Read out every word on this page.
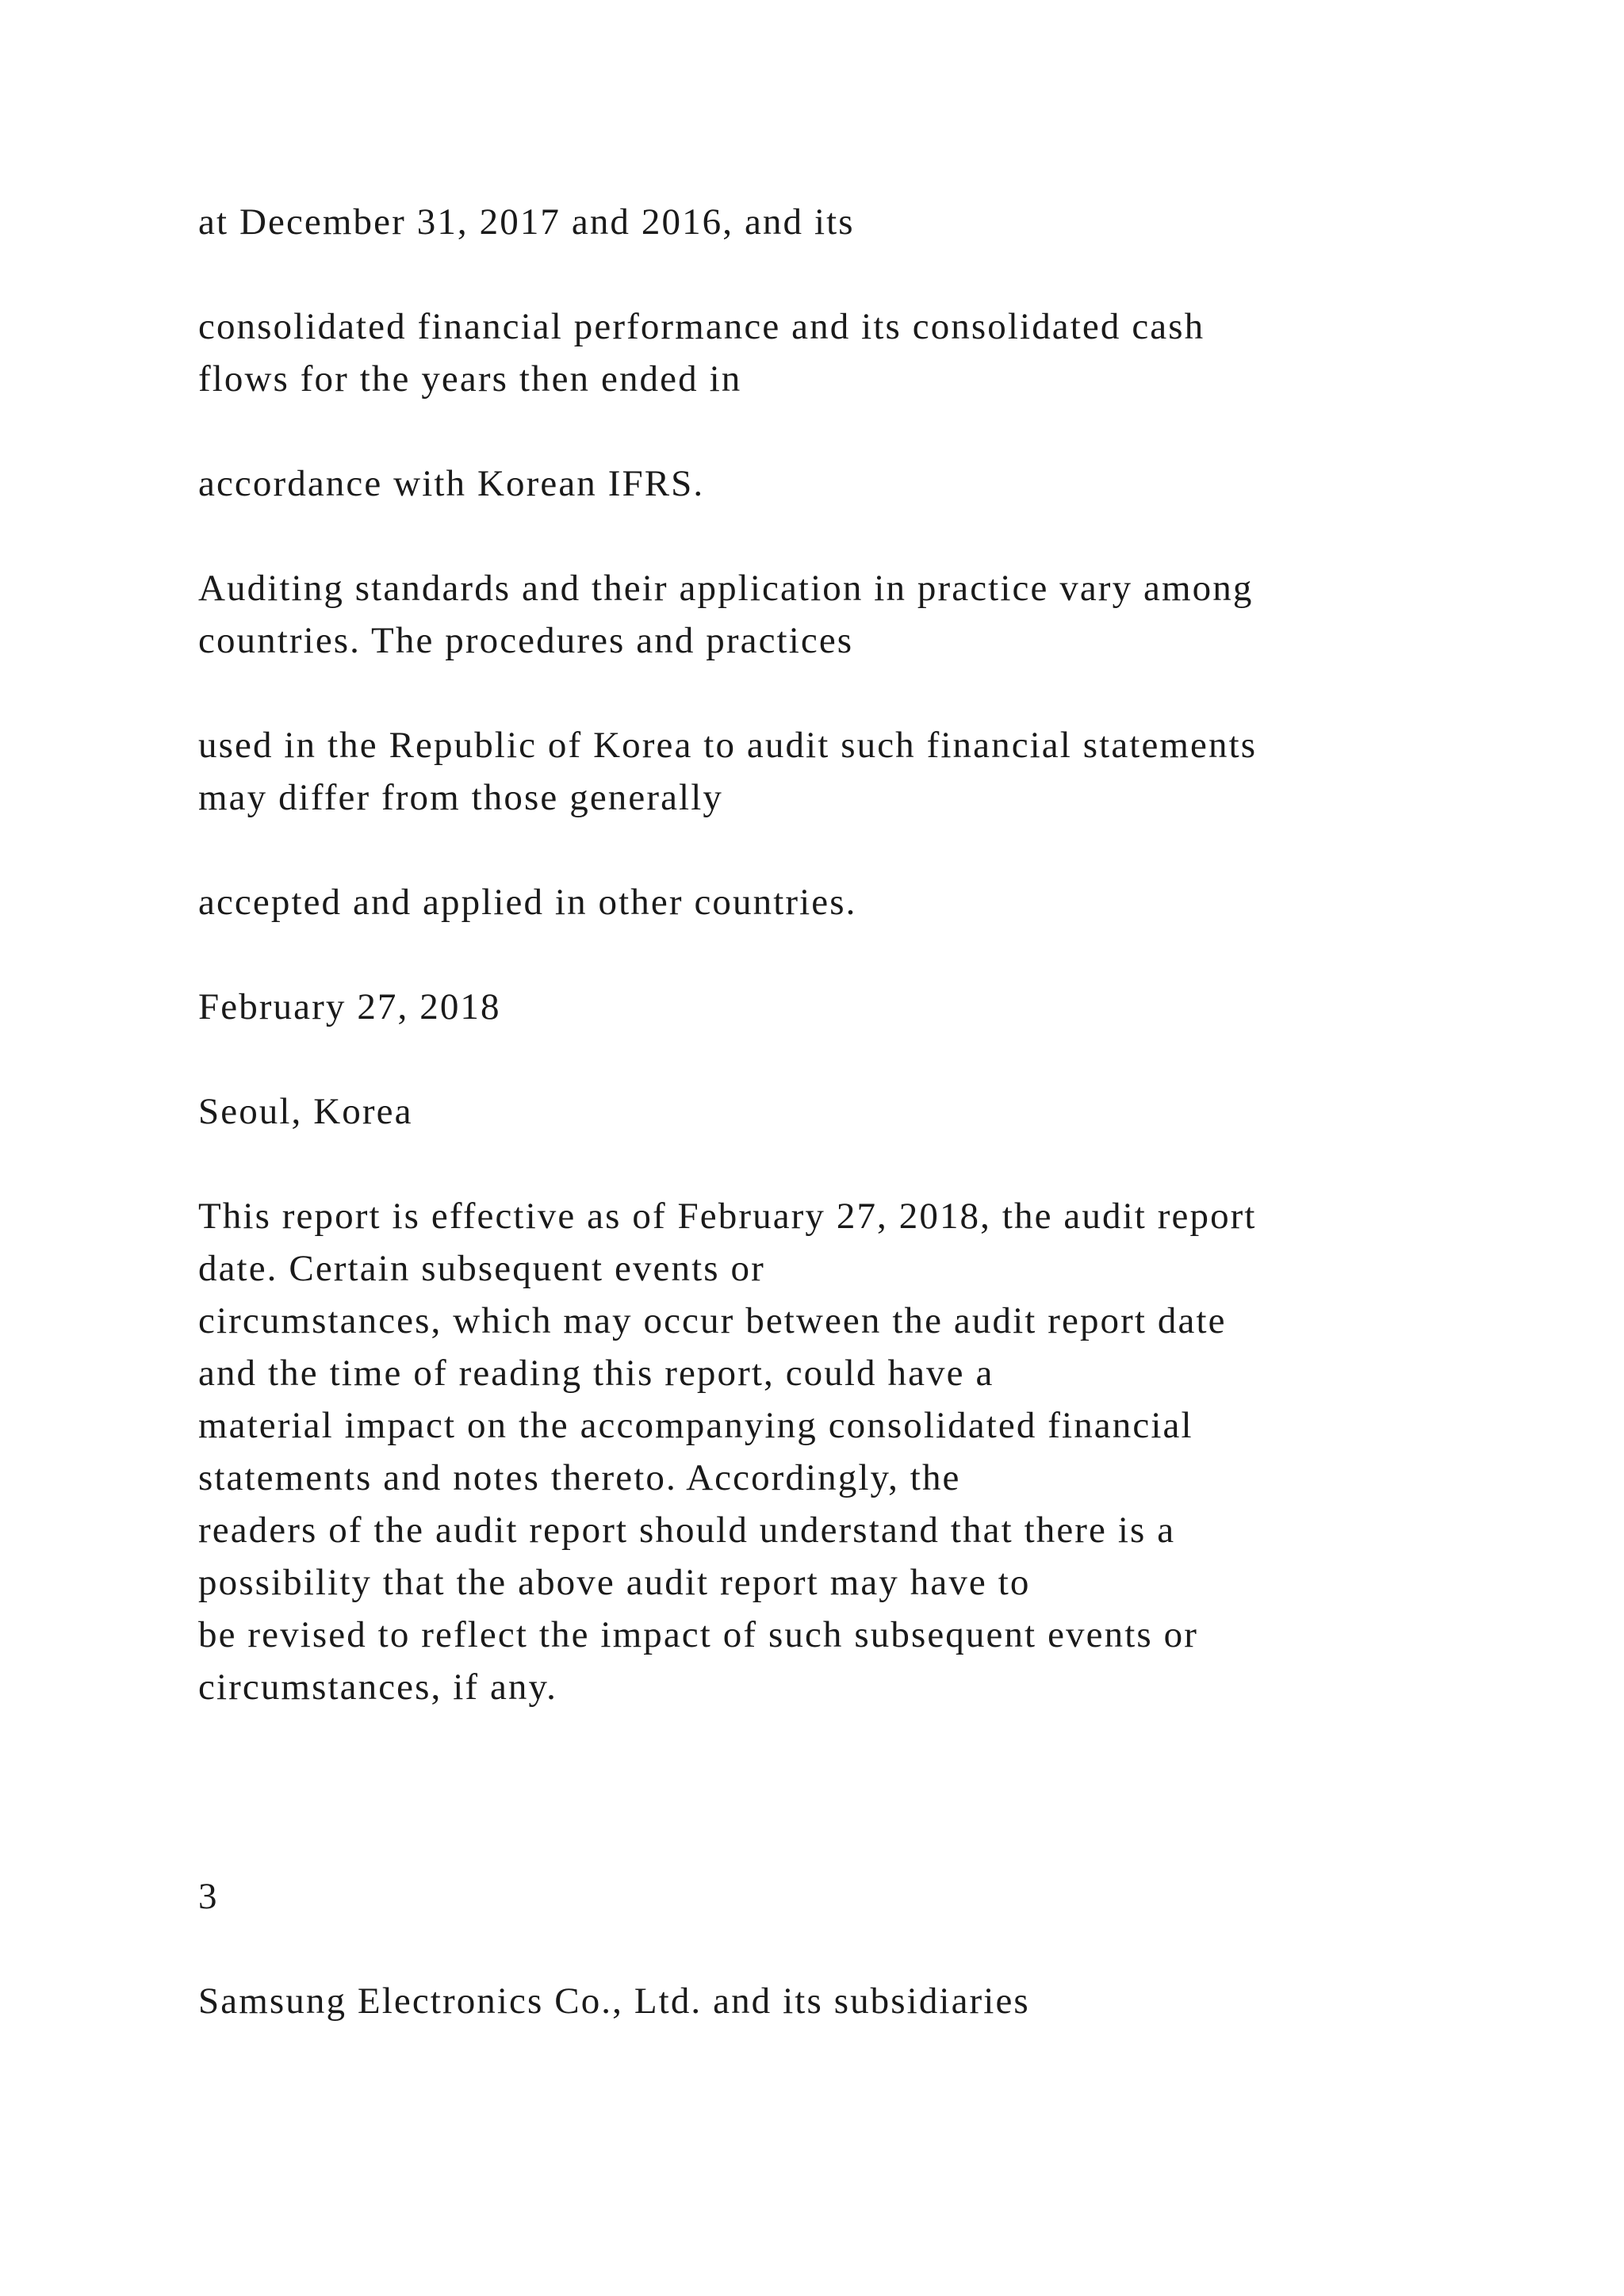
at December 31, 2017 and 2016, and its

consolidated financial performance and its consolidated cash

flows for the years then ended in

accordance with Korean IFRS.

Auditing standards and their application in practice vary among

countries. The procedures and practices

used in the Republic of Korea to audit such financial statements

may differ from those generally

accepted and applied in other countries.

February 27, 2018

Seoul, Korea

This report is effective as of February 27, 2018, the audit report

date. Certain subsequent events or

circumstances, which may occur between the audit report date

and the time of reading this report, could have a

material impact on the accompanying consolidated financial

statements and notes thereto. Accordingly, the

readers of the audit report should understand that there is a

possibility that the above audit report may have to

be revised to reflect the impact of such subsequent events or

circumstances, if any.

3

Samsung Electronics Co., Ltd. and its subsidiaries
